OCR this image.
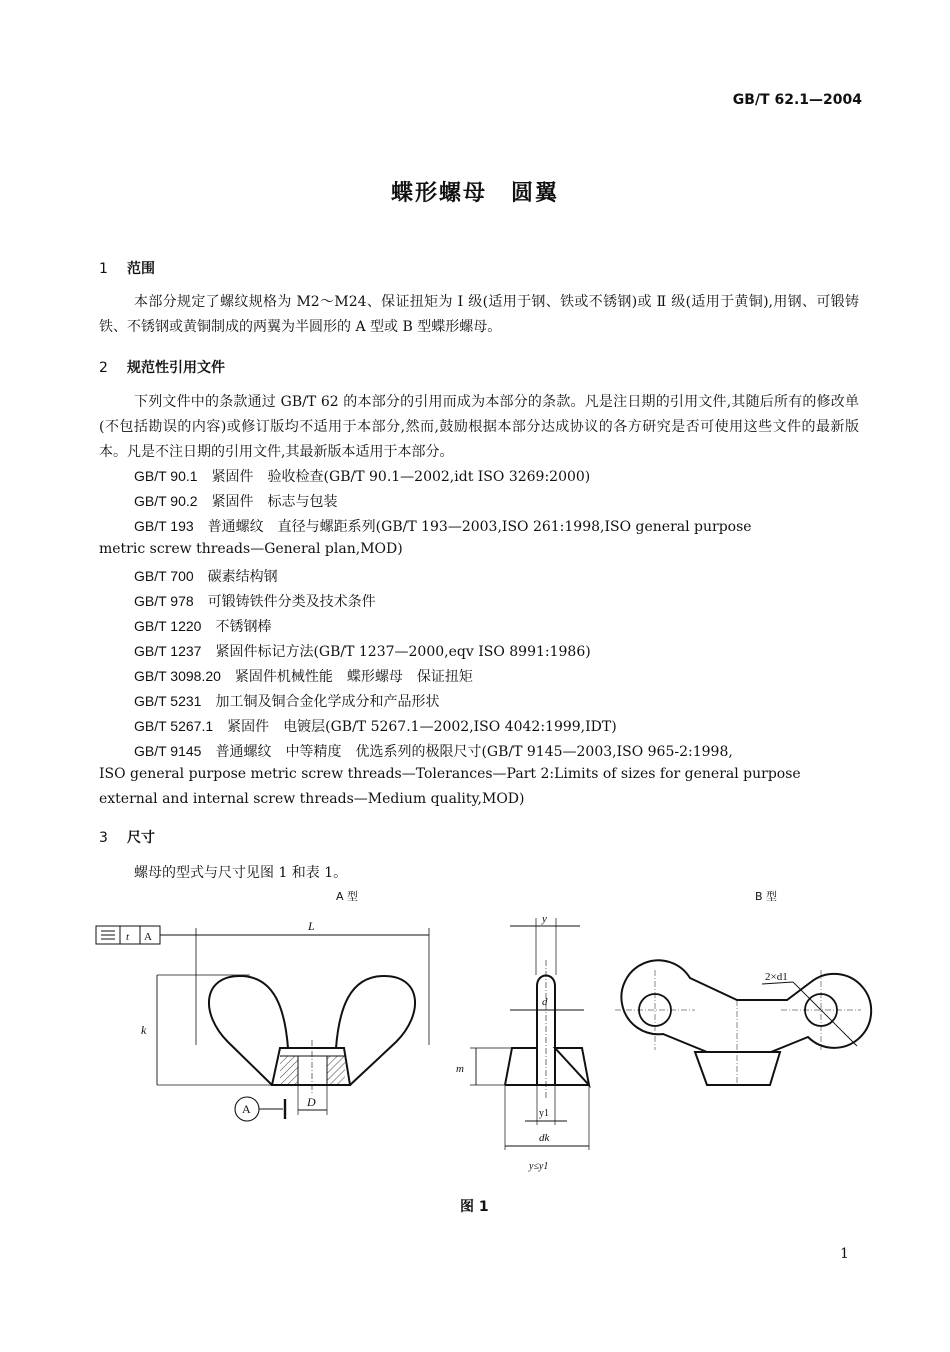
GB/T 62.1—2004
蝶形螺母　圆翼
1 范围
本部分规定了螺纹规格为 M2～M24、保证扭矩为 Ⅰ 级(适用于钢、铁或不锈钢)或 Ⅱ 级(适用于黄铜),用钢、可锻铸铁、不锈钢或黄铜制成的两翼为半圆形的 A 型或 B 型蝶形螺母。
2 规范性引用文件
下列文件中的条款通过 GB/T 62 的本部分的引用而成为本部分的条款。凡是注日期的引用文件,其随后所有的修改单(不包括勘误的内容)或修订版均不适用于本部分,然而,鼓励根据本部分达成协议的各方研究是否可使用这些文件的最新版本。凡是不注日期的引用文件,其最新版本适用于本部分。
GB/T 90.1　 紧固件　验收检查(GB/T 90.1—2002,idt ISO 3269:2000)
GB/T 90.2　 紧固件　标志与包装
GB/T 193　 普通螺纹　直径与螺距系列(GB/T 193—2003,ISO 261:1998,ISO general purpose
metric screw threads—General plan,MOD)
GB/T 700　 碳素结构钢
GB/T 978　 可锻铸铁件分类及技术条件
GB/T 1220　 不锈钢棒
GB/T 1237　 紧固件标记方法(GB/T 1237—2000,eqv ISO 8991:1986)
GB/T 3098.20　 紧固件机械性能　蝶形螺母　保证扭矩
GB/T 5231　 加工铜及铜合金化学成分和产品形状
GB/T 5267.1　 紧固件　电镀层(GB/T 5267.1—2002,ISO 4042:1999,IDT)
GB/T 9145　 普通螺纹　中等精度　优选系列的极限尺寸(GB/T 9145—2003,ISO 965-2:1998,
ISO general purpose metric screw threads—Tolerances—Part 2:Limits of sizes for general purpose
external and internal screw threads—Medium quality,MOD)
3 尺寸
螺母的型式与尺寸见图 1 和表 1。
A 型	B 型
t A
L
k
A	D
y
d
m
y1
dk
y≤y1
2×d1
图 1
1
